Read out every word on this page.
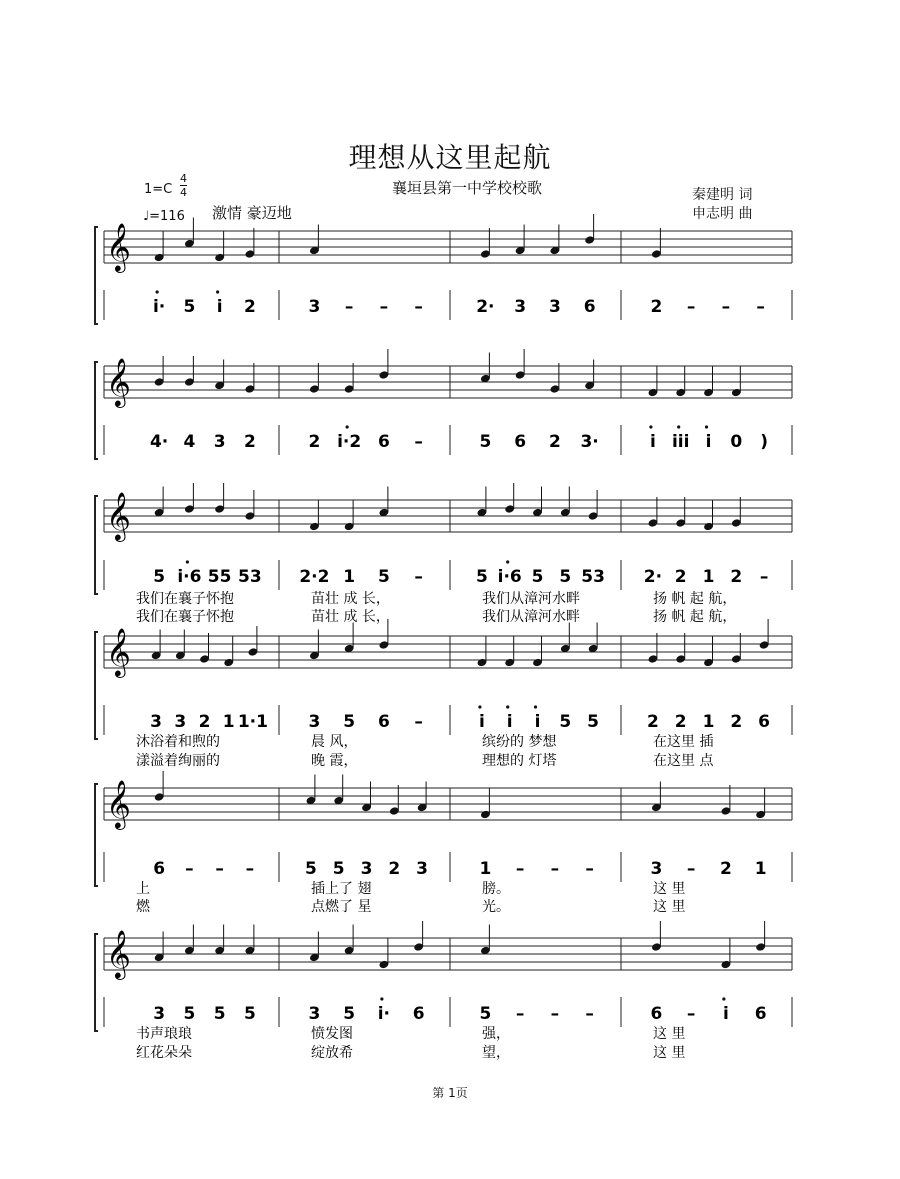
理想从这里起航
襄垣县第一中学校校歌	秦建明 词
申志明 曲
1=C
4
4
♩=116 激情 豪迈地
第 1页
𝄞
i· 5 i 2	3 – – –	2· 3 3 6	2 – – –
𝄞
4· 4 3 2	2 i·2 6 –	5 6 2 3·	i iii i 0 )
𝄞
5 i·6 55 53 2·2 1 5 –	5 i·6 5 5 53 2· 2 1 2 –
我们在襄子怀抱	苗壮 成 长，	我们从漳河水畔	扬 帆 起 航，
我们在襄子怀抱	苗壮 成 长，	我们从漳河水畔	扬 帆 起 航，
𝄞
3 3 2 1 1·1 3 5 6 –	i i i 5 5	2 2 1 2 6
沐浴着和煦的	晨 风，	缤纷的 梦想	在这里 插
漾溢着绚丽的	晚 霞，	理想的 灯塔	在这里 点
𝄞
6 – – –	5 5 3 2 3	1 – – –	3 – 2 1
上	插上了 翅	膀。	这 里
燃	点燃了 星	光。	这 里
𝄞
3 5 5 5	3 5 i· 6	5 – – –	6 – i 6
书声琅琅	愤发图	强，	这 里
红花朵朵	绽放希	望，	这 里
